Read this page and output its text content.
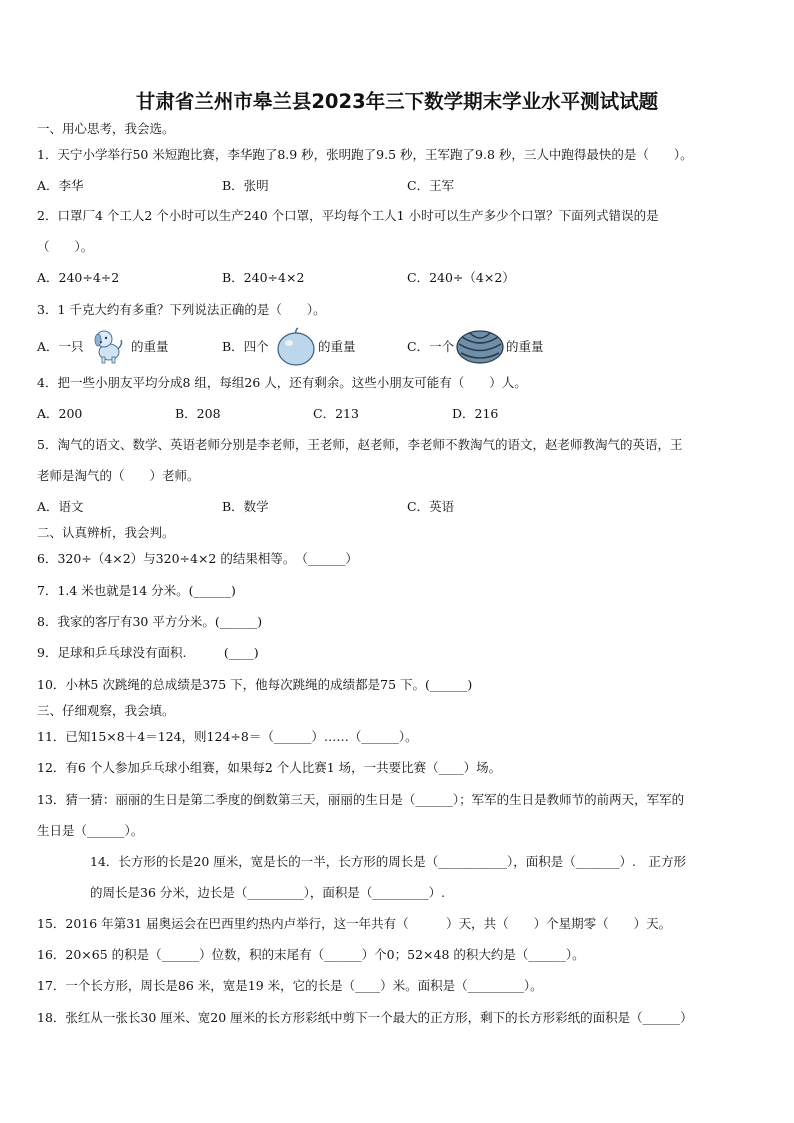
甘肃省兰州市皋兰县2023年三下数学期末学业水平测试试题
一、用心思考，我会选。
1．天宁小学举行50 米短跑比赛，李华跑了8.9 秒，张明跑了9.5 秒，王军跑了9.8 秒，三人中跑得最快的是（　　）。
A．李华	B．张明	C．王军
2．口罩厂4 个工人2 个小时可以生产240 个口罩，平均每个工人1 小时可以生产多少个口罩？下面列式错误的是
（　　）。
A．240÷4÷2	B．240÷4×2	C．240÷（4×2）
3．1 千克大约有多重？下列说法正确的是（　　）。
A．一只	的重量	B．四个	的重量	C．一个	的重量
4．把一些小朋友平均分成8 组，每组26 人，还有剩余。这些小朋友可能有（　　）人。
A．200	B．208	C．213	D．216
5．淘气的语文、数学、英语老师分别是李老师，王老师，赵老师，李老师不教淘气的语文，赵老师教淘气的英语，王
老师是淘气的（　　）老师。
A．语文	B．数学	C．英语
二、认真辨析，我会判。
6．320÷（4×2）与320÷4×2 的结果相等。　（______）
7．1.4 米也就是14 分米。(______)
8．我家的客厅有30 平方分米。(______)
9．足球和乒乓球没有面积.　　　(____)
10．小林5 次跳绳的总成绩是375 下，他每次跳绳的成绩都是75 下。(______)
三、仔细观察，我会填。
11．已知15×8＋4＝124，则124÷8＝（______）……（______）。
12．有6 个人参加乒乓球小组赛，如果每2 个人比赛1 场，一共要比赛（____）场。
13．猜一猜：丽丽的生日是第二季度的倒数第三天，丽丽的生日是（______）；军军的生日是教师节的前两天，军军的
生日是（______）。
14．长方形的长是20 厘米，宽是长的一半，长方形的周长是（___________），面积是（_______）.　正方形
的周长是36 分米，边长是（_________），面积是（_________）.
15．2016 年第31 届奥运会在巴西里约热内卢举行，这一年共有（　　　）天，共（　　）个星期零（　　）天。
16．20×65 的积是（______）位数，积的末尾有（______）个0；52×48 的积大约是（______）。
17．一个长方形，周长是86 米，宽是19 米，它的长是（____）米。面积是（_________）。
18．张红从一张长30 厘米、宽20 厘米的长方形彩纸中剪下一个最大的正方形，剩下的长方形彩纸的面积是（______）
